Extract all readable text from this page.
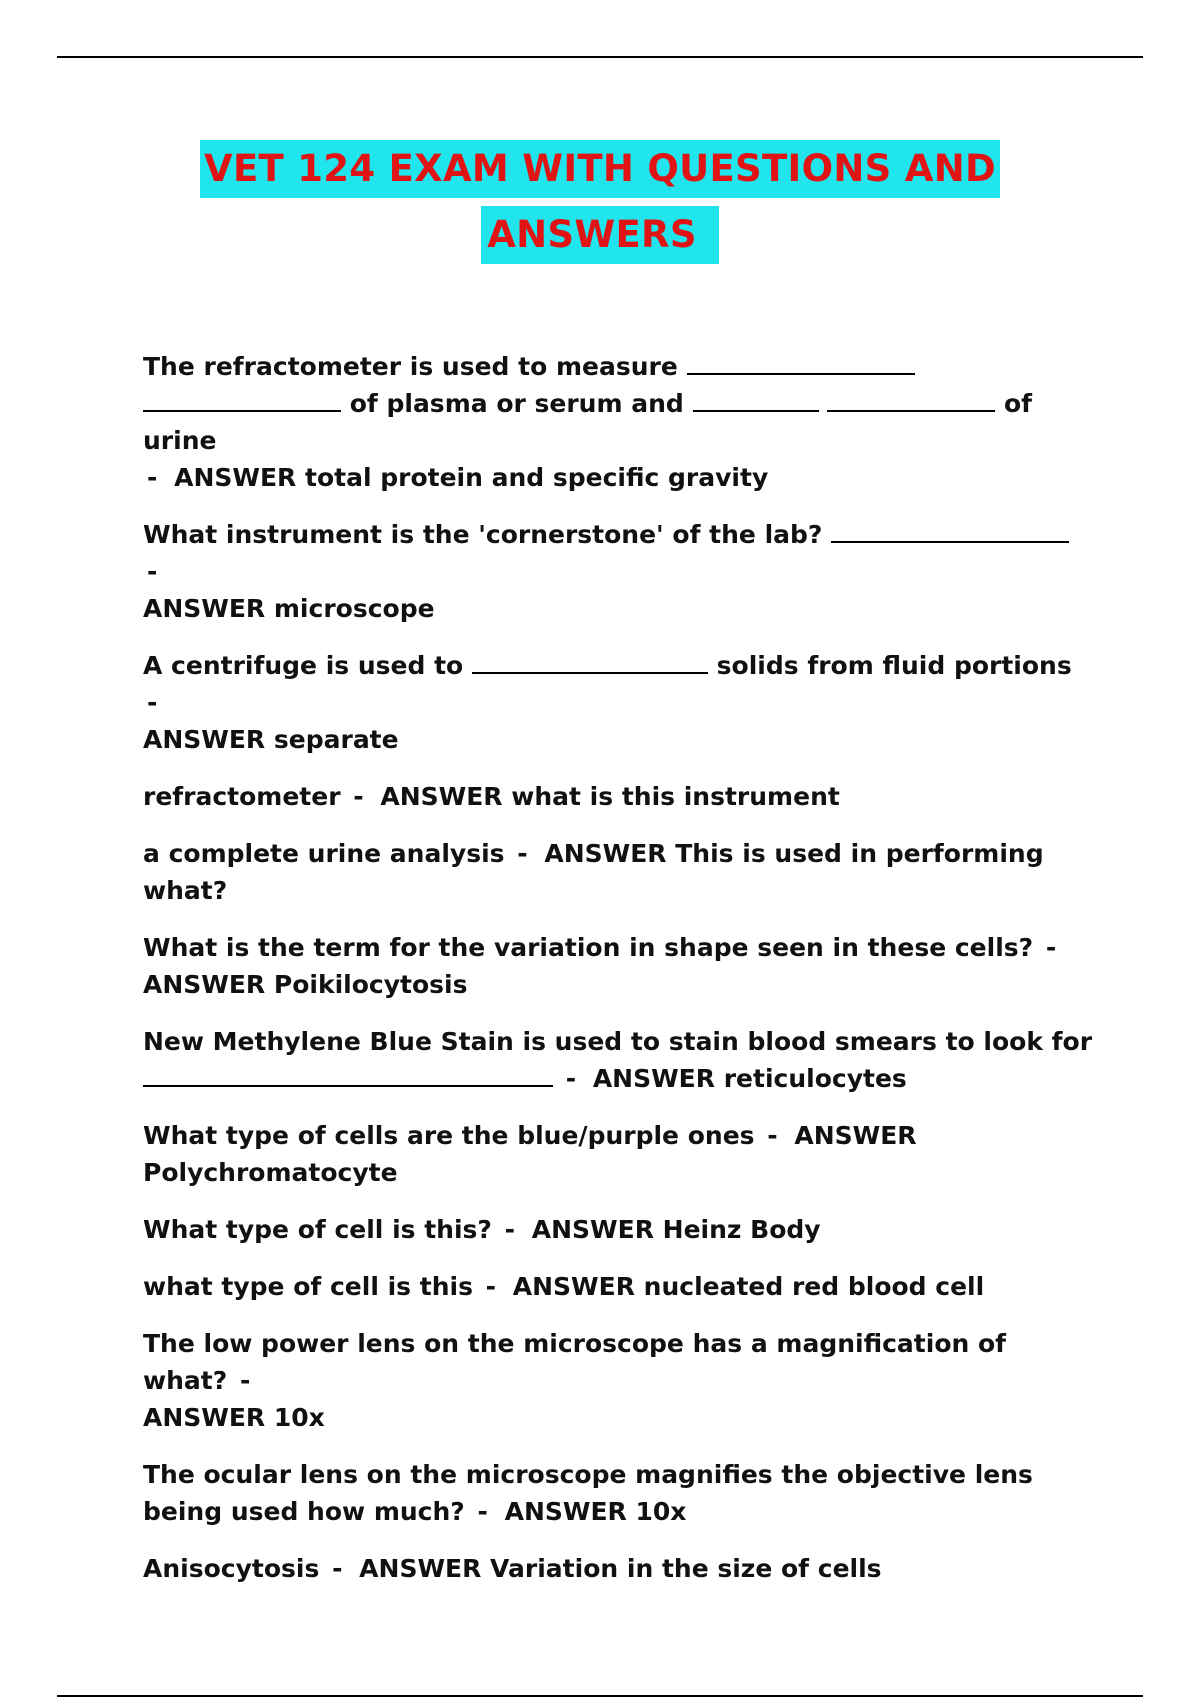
VET 124 EXAM WITH QUESTIONS AND
ANSWERS
The refractometer is used to measure
of plasma or serum and	of urine
- ANSWER total protein and specific gravity
What instrument is the 'cornerstone' of the lab?  -
ANSWER microscope
A centrifuge is used to	solids from fluid portions -
ANSWER separate
refractometer - ANSWER what is this instrument
a complete urine analysis - ANSWER This is used in performing what?
What is the term for the variation in shape seen in these cells? -
ANSWER Poikilocytosis
New Methylene Blue Stain is used to stain blood smears to look for
- ANSWER reticulocytes
What type of cells are the blue/purple ones - ANSWER Polychromatocyte
What type of cell is this? - ANSWER Heinz Body
what type of cell is this - ANSWER nucleated red blood cell
The low power lens on the microscope has a magnification of what? -
ANSWER 10x
The ocular lens on the microscope magnifies the objective lens being used how much? - ANSWER 10x
Anisocytosis - ANSWER Variation in the size of cells
